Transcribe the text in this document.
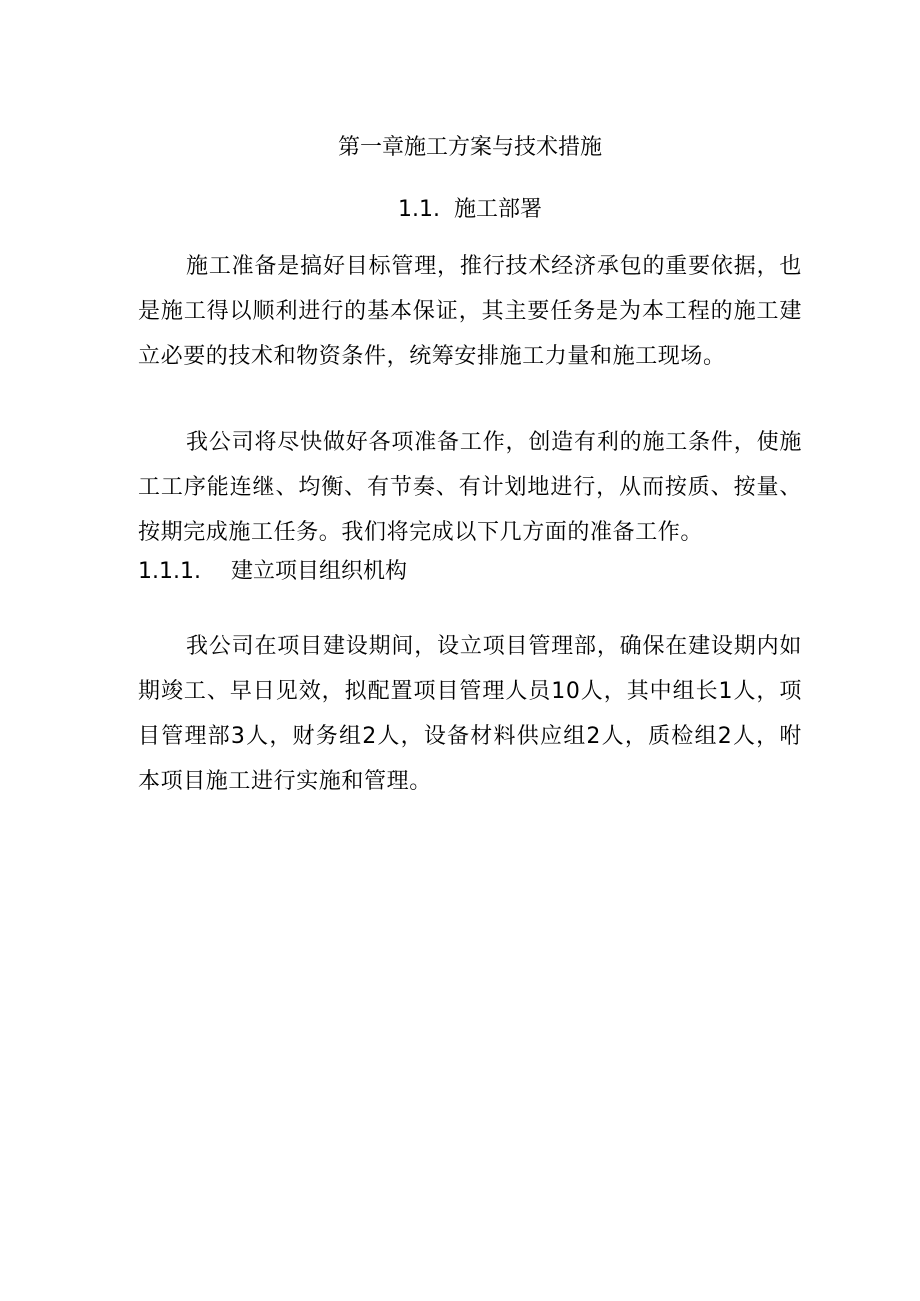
第一章施工方案与技术措施
1.1. 施工部署

施工准备是搞好目标管理，推行技术经济承包的重要依据，也是施工得以顺利进行的基本保证，其主要任务是为本工程的施工建立必要的技术和物资条件，统筹安排施工力量和施工现场。

我公司将尽快做好各项准备工作，创造有利的施工条件，使施工工序能连继、均衡、有节奏、有计划地进行，从而按质、按量、按期完成施工任务。我们将完成以下几方面的准备工作。

1.1.1. 建立项目组织机构

我公司在项目建设期间，设立项目管理部，确保在建设期内如期竣工、早日见效，拟配置项目管理人员10人，其中组长1人，项目管理部3人，财务组2人，设备材料供应组2人，质检组2人，咐本项目施工进行实施和管理。
